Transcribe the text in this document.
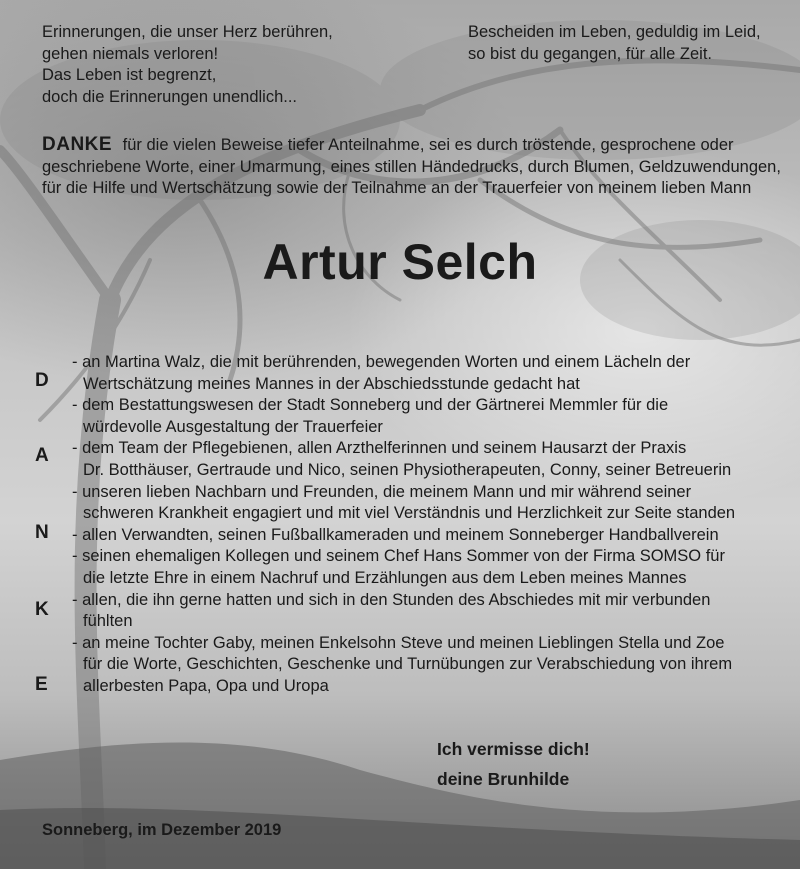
Erinnerungen, die unser Herz berühren,
gehen niemals verloren!
Das Leben ist begrenzt,
doch die Erinnerungen unendlich...
Bescheiden im Leben, geduldig im Leid,
so bist du gegangen, für alle Zeit.
DANKE für die vielen Beweise tiefer Anteilnahme, sei es durch tröstende, gesprochene oder geschriebene Worte, einer Umarmung, eines stillen Händedrucks, durch Blumen, Geldzuwendungen, für die Hilfe und Wertschätzung sowie der Teilnahme an der Trauerfeier von meinem lieben Mann
Artur Selch
D
A
N
K
E
- an Martina Walz, die mit berührenden, bewegenden Worten und einem Lächeln der
Wertschätzung meines Mannes in der Abschiedsstunde gedacht hat
- dem Bestattungswesen der Stadt Sonneberg und der Gärtnerei Memmler für die
würdevolle Ausgestaltung der Trauerfeier
- dem Team der Pflegebienen, allen Arzthelferinnen und seinem Hausarzt der Praxis
Dr. Botthäuser, Gertraude und Nico, seinen Physiotherapeuten, Conny, seiner Betreuerin
- unseren lieben Nachbarn und Freunden, die meinem Mann und mir während seiner
schweren Krankheit engagiert und mit viel Verständnis und Herzlichkeit zur Seite standen
- allen Verwandten, seinen Fußballkameraden und meinem Sonneberger Handballverein
- seinen ehemaligen Kollegen und seinem Chef Hans Sommer von der Firma SOMSO für
die letzte Ehre in einem Nachruf und Erzählungen aus dem Leben meines Mannes
- allen, die ihn gerne hatten und sich in den Stunden des Abschiedes mit mir verbunden
fühlten
- an meine Tochter Gaby, meinen Enkelsohn Steve und meinen Lieblingen Stella und Zoe
für die Worte, Geschichten, Geschenke und Turnübungen zur Verabschiedung von ihrem
allerbesten Papa, Opa und Uropa
Ich vermisse dich!
deine Brunhilde
Sonneberg, im Dezember 2019
